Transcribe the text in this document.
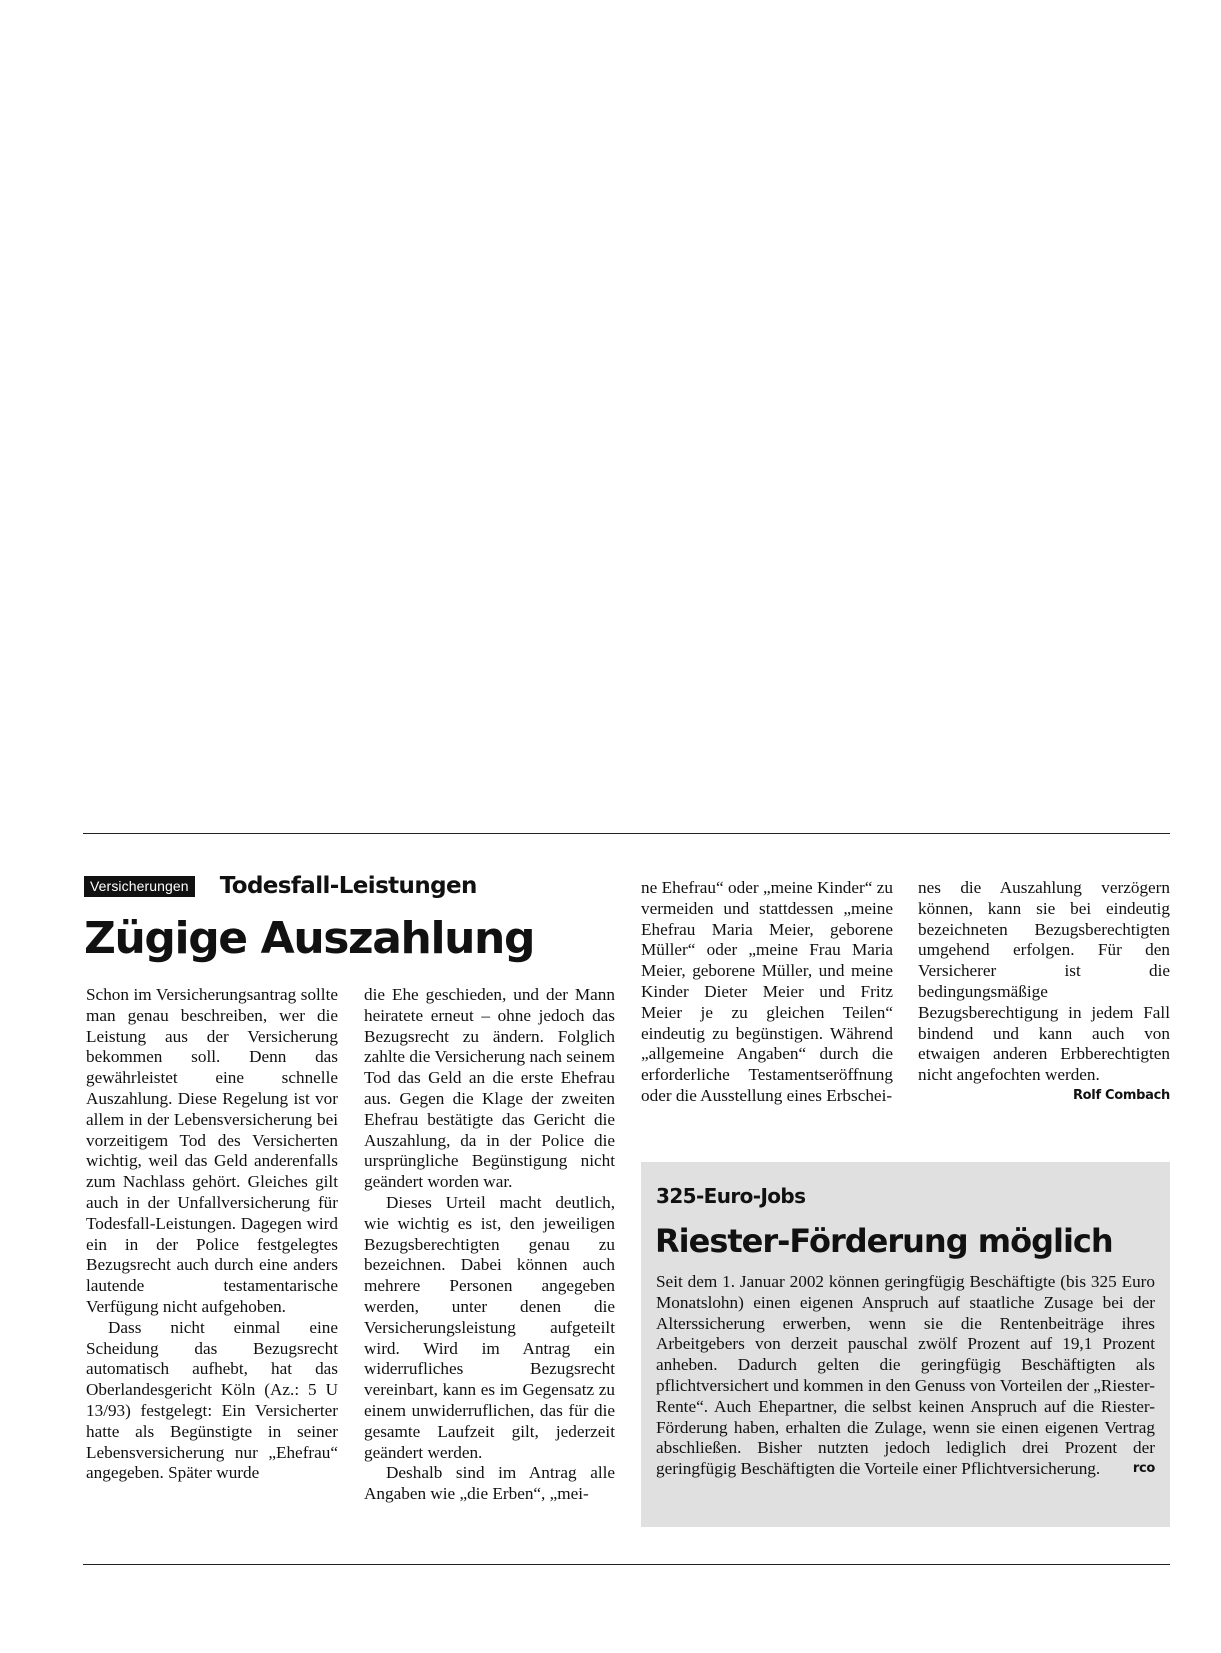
Versicherungen Todesfall-Leistungen
Zügige Auszahlung

Schon im Versicherungsantrag sollte man genau beschreiben, wer die Leistung aus der Versicherung bekommen soll. Denn das gewährleistet eine schnelle Auszahlung. Diese Regelung ist vor allem in der Lebensversicherung bei vorzeitigem Tod des Versicherten wichtig, weil das Geld anderenfalls zum Nachlass gehört. Gleiches gilt auch in der Unfallversicherung für Todesfall-Leistungen. Dagegen wird ein in der Police festgelegtes Bezugsrecht auch durch eine anders lautende testamentarische Verfügung nicht aufgehoben.

Dass nicht einmal eine Scheidung das Bezugsrecht automatisch aufhebt, hat das Oberlandesgericht Köln (Az.: 5 U 13/93) festgelegt: Ein Versicherter hatte als Begünstigte in seiner Lebensversicherung nur „Ehefrau“ angegeben. Später wurde

die Ehe geschieden, und der Mann heiratete erneut – ohne jedoch das Bezugsrecht zu ändern. Folglich zahlte die Versicherung nach seinem Tod das Geld an die erste Ehefrau aus. Gegen die Klage der zweiten Ehefrau bestätigte das Gericht die Auszahlung, da in der Police die ursprüngliche Begünstigung nicht geändert worden war.

Dieses Urteil macht deutlich, wie wichtig es ist, den jeweiligen Bezugsberechtigten genau zu bezeichnen. Dabei können auch mehrere Personen angegeben werden, unter denen die Versicherungsleistung aufgeteilt wird. Wird im Antrag ein widerrufliches Bezugsrecht vereinbart, kann es im Gegensatz zu einem unwiderruflichen, das für die gesamte Laufzeit gilt, jederzeit geändert werden.

Deshalb sind im Antrag alle Angaben wie „die Erben“, „mei-

ne Ehefrau“ oder „meine Kinder“ zu vermeiden und stattdessen „meine Ehefrau Maria Meier, geborene Müller“ oder „meine Frau Maria Meier, geborene Müller, und meine Kinder Dieter Meier und Fritz Meier je zu gleichen Teilen“ eindeutig zu begünstigen. Während „allgemeine Angaben“ durch die erforderliche Testamentseröffnung oder die Ausstellung eines Erbschei-

nes die Auszahlung verzögern können, kann sie bei eindeutig bezeichneten Bezugsberechtigten umgehend erfolgen. Für den Versicherer ist die bedingungsmäßige Bezugsberechtigung in jedem Fall bindend und kann auch von etwaigen anderen Erbberechtigten nicht angefochten werden.
Rolf Combach

325-Euro-Jobs
Riester-Förderung möglich
Seit dem 1. Januar 2002 können geringfügig Beschäftigte (bis 325 Euro Monatslohn) einen eigenen Anspruch auf staatliche Zusage bei der Alterssicherung erwerben, wenn sie die Rentenbeiträge ihres Arbeitgebers von derzeit pauschal zwölf Prozent auf 19,1 Prozent anheben. Dadurch gelten die geringfügig Beschäftigten als pflichtversichert und kommen in den Genuss von Vorteilen der „Riester-Rente“. Auch Ehepartner, die selbst keinen Anspruch auf die Riester-Förderung haben, erhalten die Zulage, wenn sie einen eigenen Vertrag abschließen. Bisher nutzten jedoch lediglich drei Prozent der geringfügig Beschäftigten die Vorteile einer Pflichtversicherung.	rco
